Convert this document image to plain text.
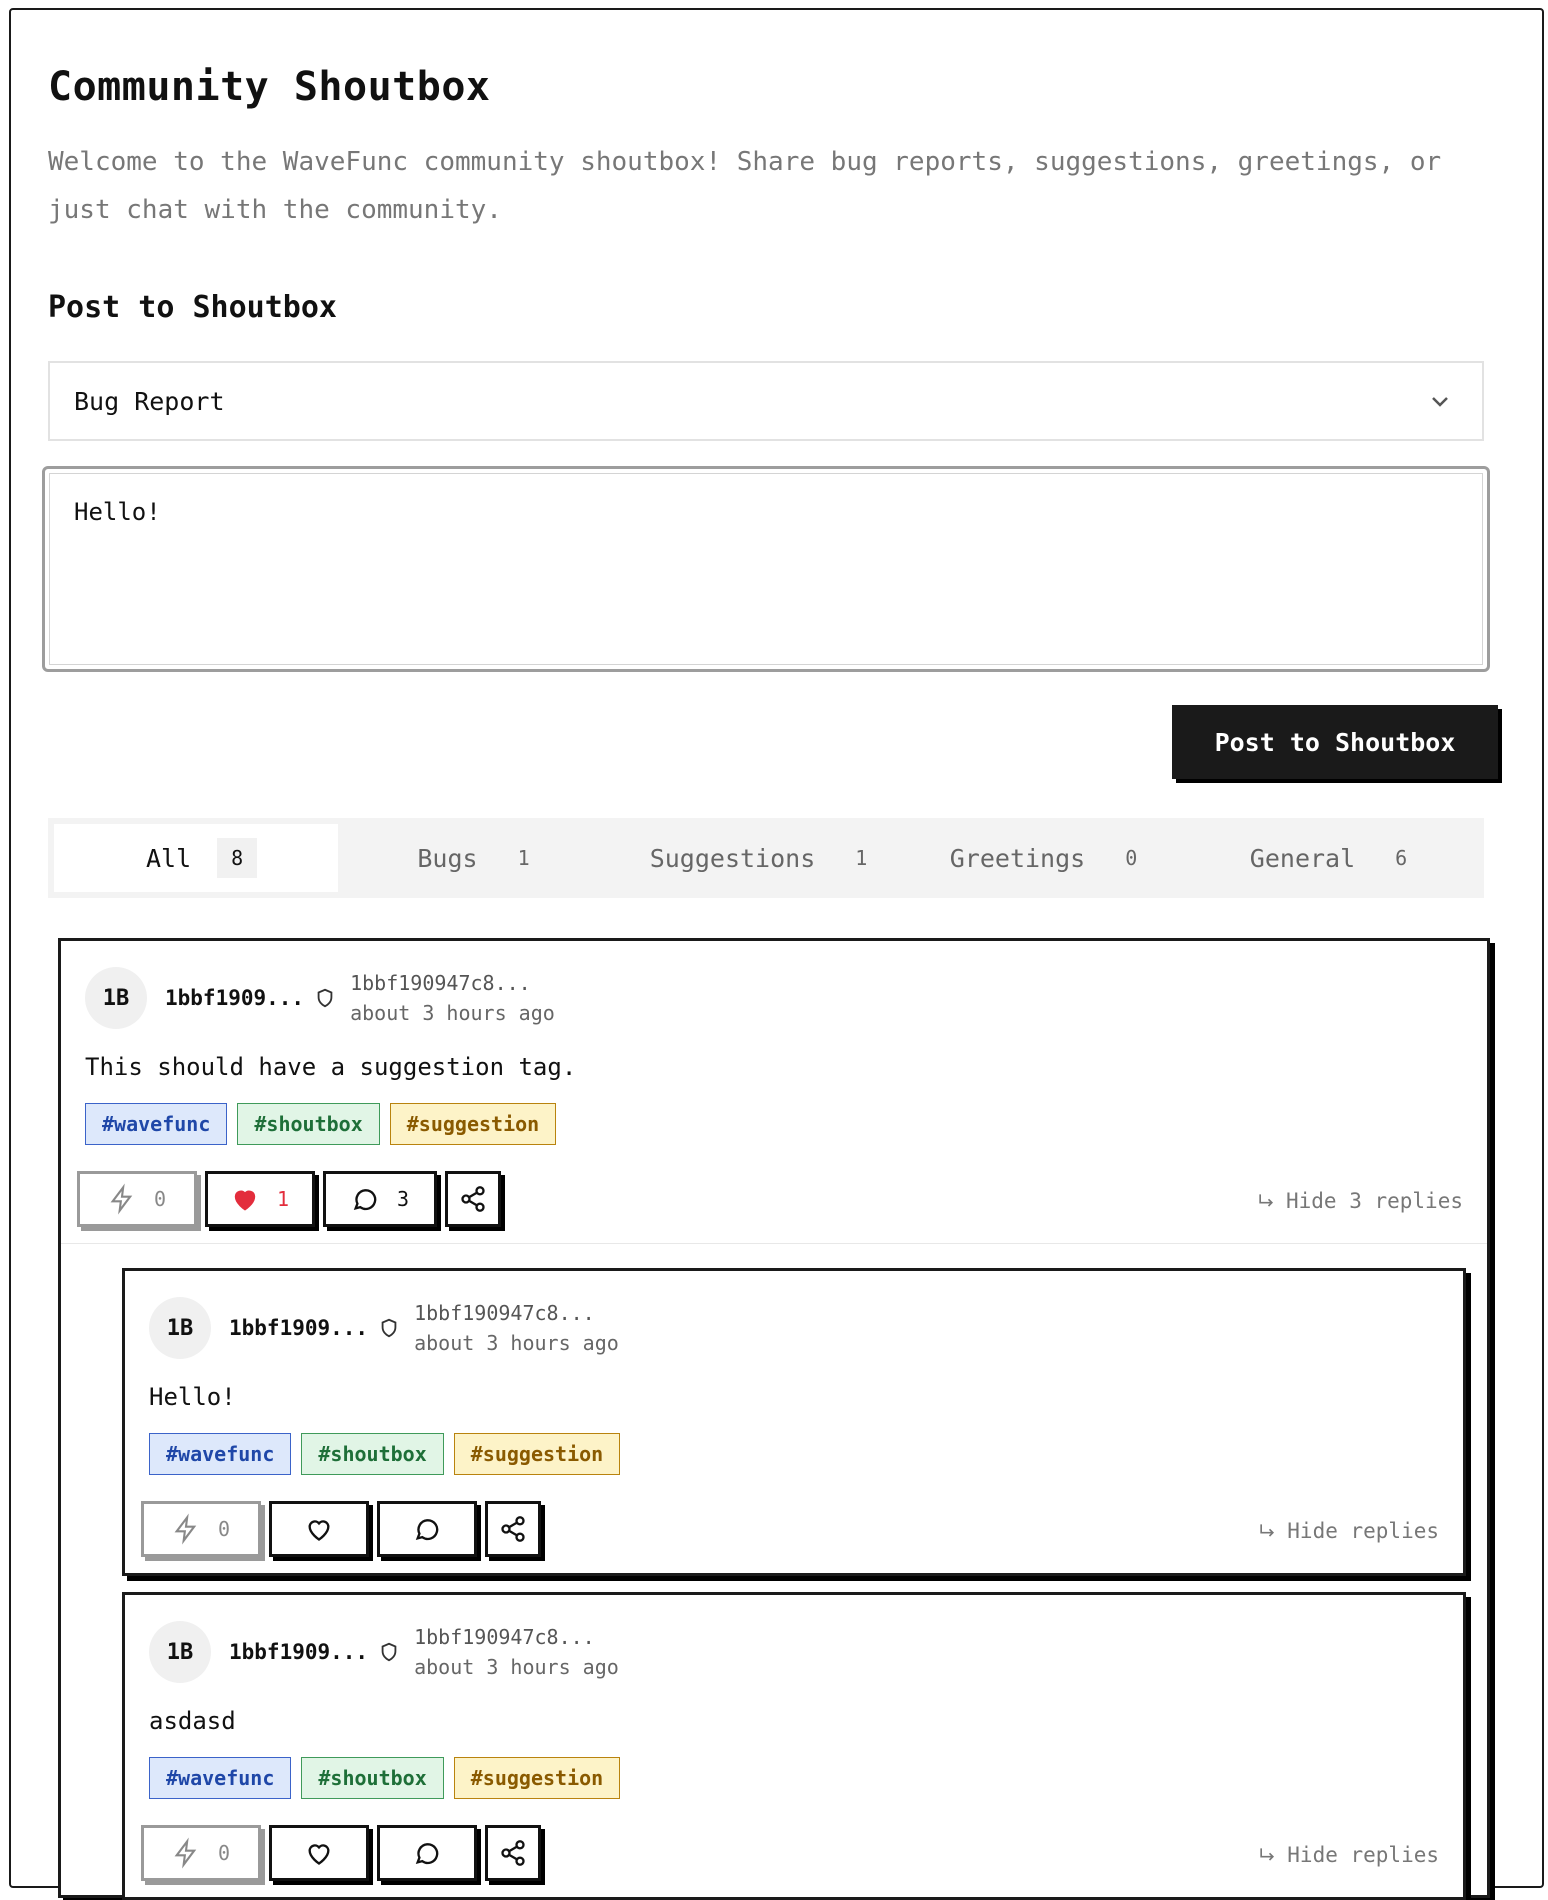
Community Shoutbox

Welcome to the WaveFunc community shoutbox! Share bug reports, suggestions, greetings, or just chat with the community.

Post to Shoutbox
Bug Report
Hello!
Post to Shoutbox
All	8	Bugs	1	Suggestions	1	Greetings	0	General	6
1B	1bbf1909...
1bbf190947c8...
about 3 hours ago
This should have a suggestion tag.
#wavefunc	#shoutbox	#suggestion
0	1	3	Hide 3 replies
1B	1bbf1909...
1bbf190947c8...
about 3 hours ago
Hello!
#wavefunc	#shoutbox	#suggestion
0	Hide replies
1B	1bbf1909...
1bbf190947c8...
about 3 hours ago
asdasd
#wavefunc	#shoutbox	#suggestion
0	Hide replies
